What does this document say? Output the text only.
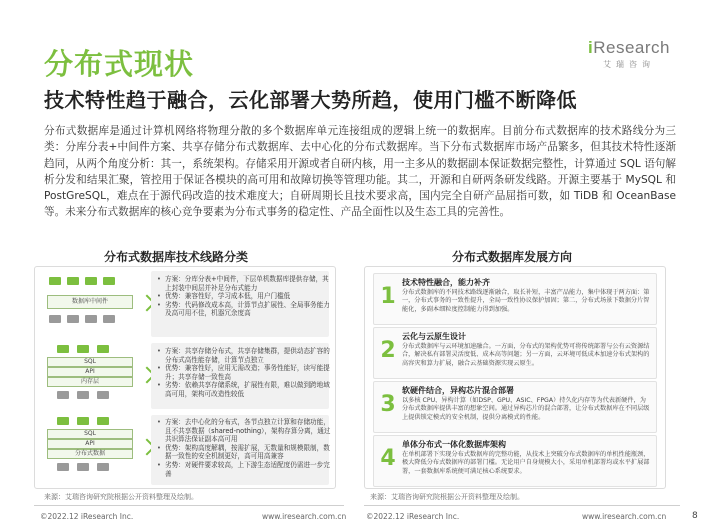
分布式现状	iResearch
艾瑞咨询
技术特性趋于融合，云化部署大势所趋，使用门槛不断降低
分布式数据库是通过计算机网络将物理分散的多个数据库单元连接组成的逻辑上统一的数据库。目前分布式数据库的技术路线分为三类：分库分表+中间件方案、共享存储分布式数据库、去中心化的分布式数据库。当下分布式数据库市场产品繁多，但其技术特性逐渐趋同，从两个角度分析：其一，系统架构。存储采用开源或者自研内核，用一主多从的数据副本保证数据完整性，计算通过 SQL 语句解析分发和结果汇聚，管控用于保证各模块的高可用和故障切换等管理功能。其二，开源和自研两条研发线路。开源主要基于 MySQL 和 PostGreSQL，难点在于源代码改造的技术难度大；自研周期长且技术要求高，国内完全自研产品屈指可数，如 TiDB 和 OceanBase 等。未来分布式数据库的核心竞争要素为分布式事务的稳定性、产品全面性以及生态工具的完善性。
分布式数据库技术线路分类
数据库中间件
• 方案：分库分表+中间件，下层单机数据库提供存储，其上封装中间层并补足分布式能力
• 优势：兼容性好，学习成本低，用户门槛低
• 劣势：代码修改成本高，计算节点扩展性、全局事务能力及高可用不佳，机器冗余度高
SQL
API
内存层
• 方案：共享存储分布式，共享存储集群，提供动态扩容的分布式高性能存储，计算节点独立
• 优势：兼容性好，应用无需改造；事务性能好，读写能提升；共享存储一致性高
• 劣势：依赖共享存储系统，扩展性有限，难以做到跨地域高可用，架构可改造性较低
SQL
API
分布式数据
• 方案：去中心化的分布式，各节点独立计算和存储功能，且不共享数据（shared-nothing），架构存算分离，通过共识算法保证副本高可用
• 优势：架构高度解耦，按需扩展，无数量和规模限制，数据一致性的安全机制更好，高可用高兼容
• 劣势：对硬件要求较高，上下游生态适配度仍需进一步完善
来源：艾瑞咨询研究院根据公开资料整理及绘制。
分布式数据库发展方向
1
技术特性融合，能力补齐
分布式数据库的不同技术路线逐渐融合，取长补短，丰富产品能力，集中体现于两方面：第一，分布式事务的一致性提升，全局一致性协议保护加固；第二，分布式场景下数据分片智能化，多副本细粒度控制能力得到加强。
2
云化与云原生设计
分布式数据库与云环境加速融合。一方面，分布式的架构优势可将传统部署与公有云资源结合，解决私有部署灵活度低、成本高等问题；另一方面，云环境可低成本加速分布式架构的高容灾和算力扩展，融合云基础资源实现云原生。
3
软硬件结合，异构芯片混合部署
以多核 CPU、异构计算（如DSP、GPU、ASIC、FPGA）持久化内存等为代表新硬件，为分布式数据库提供丰富的想象空间。通过异构芯片的混合部署，让分布式数据库在不同层级上提供锁定模式的安全机制，提供分离模式的性能。
4
单体分布式一体化数据库架构
在单机部署下实现分布式数据库的完整功能，从技术上突破分布式数据库的单机性能瓶颈，极大降低分布式数据库的部署门槛。无论用户自身规模大小，采用单机部署均或水平扩展部署，一套数据库系统便可满足核心系统要求。
来源：艾瑞咨询研究院根据公开资料整理及绘制。
©2022.12 iResearch Inc.	www.iresearch.com.cn	©2022.12 iResearch Inc.	www.iresearch.com.cn	8
